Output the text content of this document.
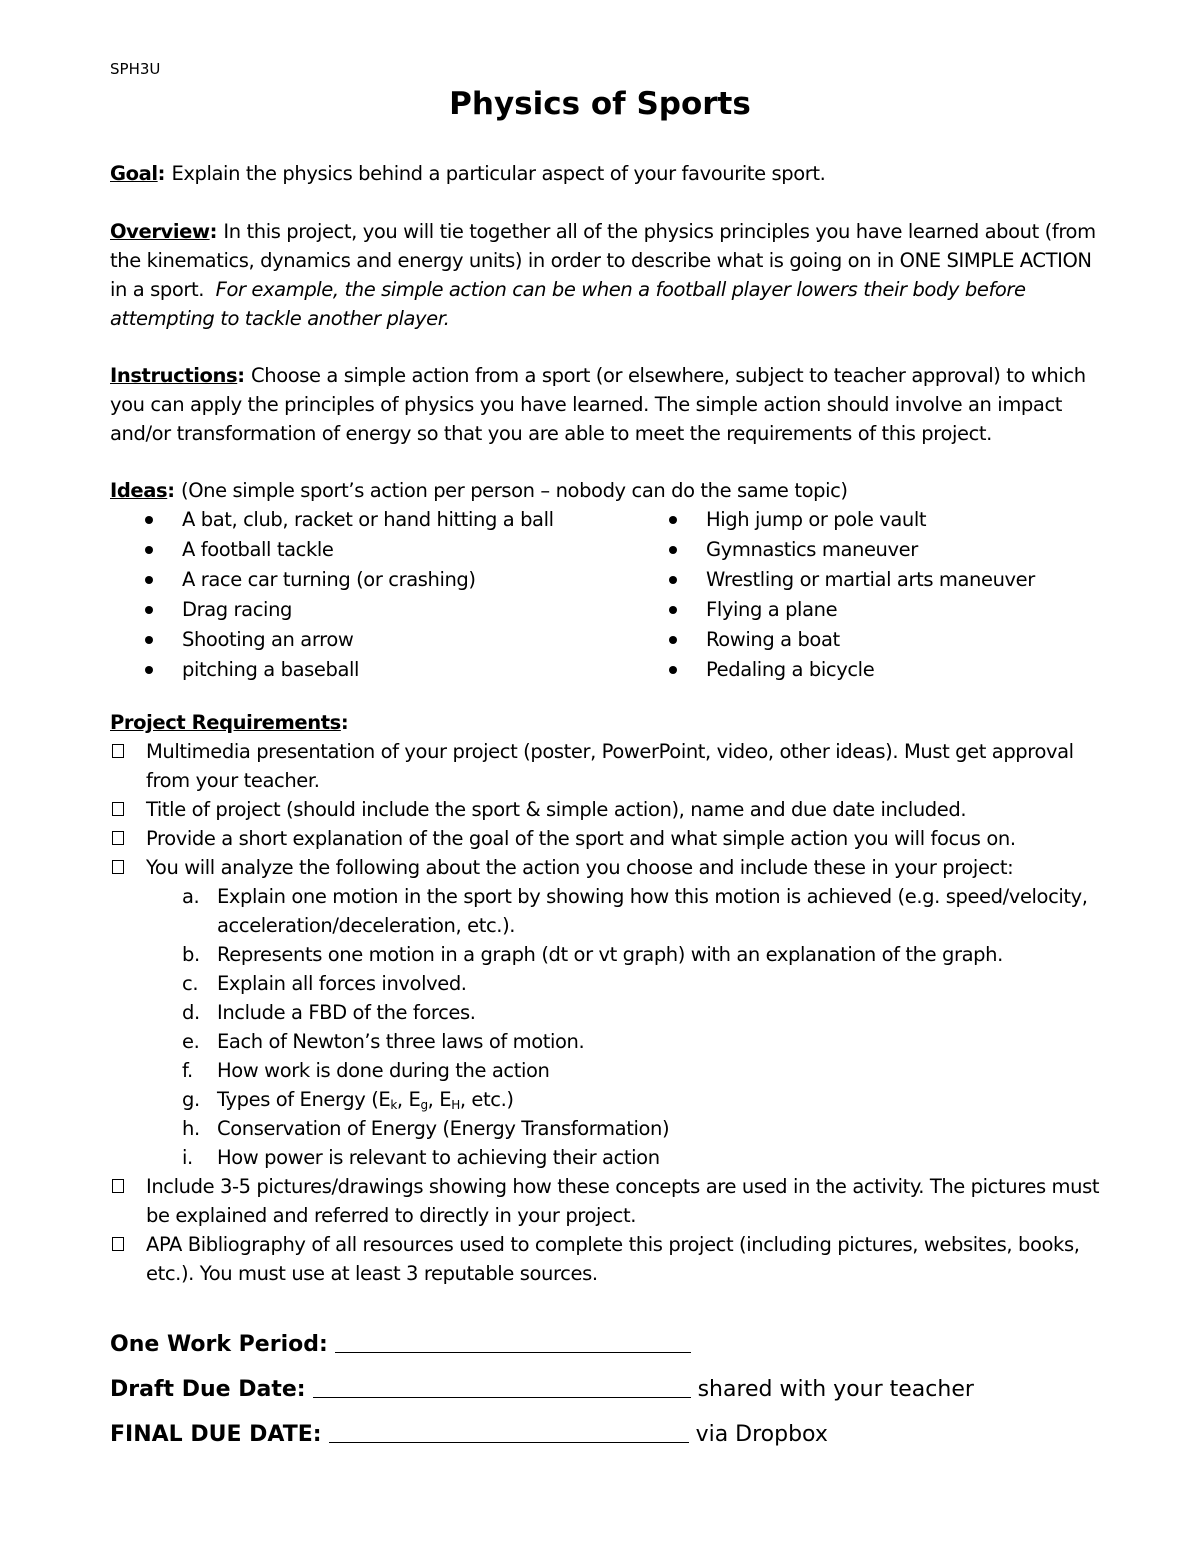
SPH3U
Physics of Sports
Goal: Explain the physics behind a particular aspect of your favourite sport.
Overview: In this project, you will tie together all of the physics principles you have learned about (from the kinematics, dynamics and energy units) in order to describe what is going on in ONE SIMPLE ACTION in a sport. For example, the simple action can be when a football player lowers their body before attempting to tackle another player.
Instructions: Choose a simple action from a sport (or elsewhere, subject to teacher approval) to which you can apply the principles of physics you have learned. The simple action should involve an impact and/or transformation of energy so that you are able to meet the requirements of this project.
Ideas: (One simple sport’s action per person – nobody can do the same topic)
A bat, club, racket or hand hitting a ball
A football tackle
A race car turning (or crashing)
Drag racing
Shooting an arrow
pitching a baseball
High jump or pole vault
Gymnastics maneuver
Wrestling or martial arts maneuver
Flying a plane
Rowing a boat
Pedaling a bicycle
Project Requirements:
Multimedia presentation of your project (poster, PowerPoint, video, other ideas). Must get approval from your teacher.
Title of project (should include the sport & simple action), name and due date included.
Provide a short explanation of the goal of the sport and what simple action you will focus on.
You will analyze the following about the action you choose and include these in your project:
a. Explain one motion in the sport by showing how this motion is achieved (e.g. speed/velocity, acceleration/deceleration, etc.).
b. Represents one motion in a graph (dt or vt graph) with an explanation of the graph.
c. Explain all forces involved.
d. Include a FBD of the forces.
e. Each of Newton’s three laws of motion.
f. How work is done during the action
g. Types of Energy ($E_k$, $E_g$, $E_H$, etc.)
h. Conservation of Energy (Energy Transformation)
i. How power is relevant to achieving their action
Include 3-5 pictures/drawings showing how these concepts are used in the activity. The pictures must be explained and referred to directly in your project.
APA Bibliography of all resources used to complete this project (including pictures, websites, books, etc.). You must use at least 3 reputable sources.
One Work Period:
Draft Due Date:	shared with your teacher
FINAL DUE DATE:	via Dropbox
